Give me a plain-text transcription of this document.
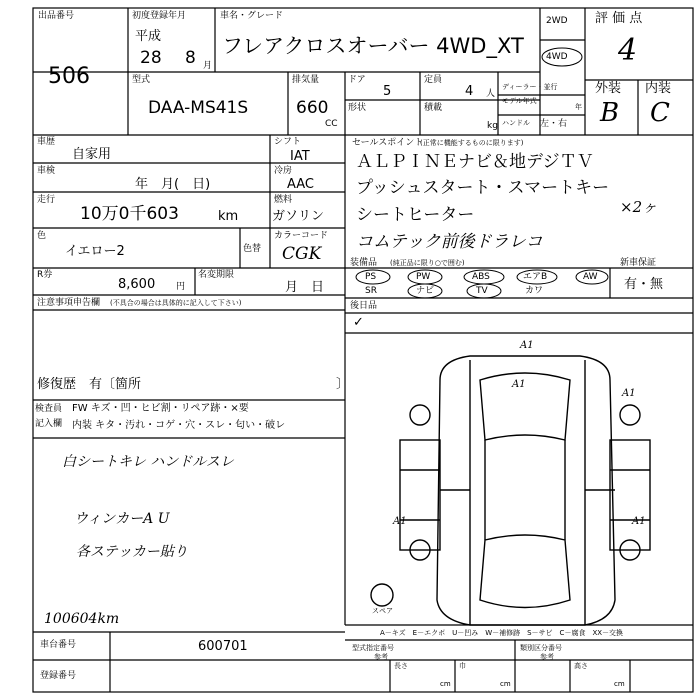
出品番号
506
初度登録年月
平成
28 8 月
車名・グレード
フレアクロスオーバー 4WD_XT
2WD
4WD
評 価 点
4
外装 内装
B C
型式
DAA-MS41S
排気量
660
CC
ドア
5
定員
4 人
形状	積載
kg
ディーラー・並行
モデル年式
年
ハンドル 左・右
車歴
自家用
シフト
IAT
車検
年　月(　日)
冷房
AAC
走行
10万0千603	km
燃料
ガソリン
色
イエロー2	色替
カラーコード
CGK
R券
8,600 円
名変期限
月　日
セールスポイント
(正常に機能するものに限ります)
ＡＬＰＩＮＥナビ＆地デジＴＶ
プッシュスタート・スマートキー
シートヒーター	×2ヶ
コムテック前後ドラレコ
装備品 (純正品に限り○で囲む)
PS	PW	ABS	エアB	AW
SR	ナビ	TV	カワ
新車保証
有・無
注意事項申告欄 (不具合の場合は具体的に記入して下さい)
修復歴　有〔箇所	〕
後日品
✓
検査員
記入欄
FW キズ・凹・ヒビ割・リペア跡・×要
内装 キタ・汚れ・コゲ・穴・スレ・匂い・破レ
白シートキレ ハンドルスレ
ウィンカーA U
各ステッカー貼り
100604km
A1
A1
A1
A1	A1
スペア
A－キズ　E－エクボ　U－凹み　W－補修跡　S－サビ　C－腐食　XX－交換
車台番号	600701
登録番号
型式指定番号
参考
類別区分番号
参考
長さ
cm
巾
cm
高さ
cm
